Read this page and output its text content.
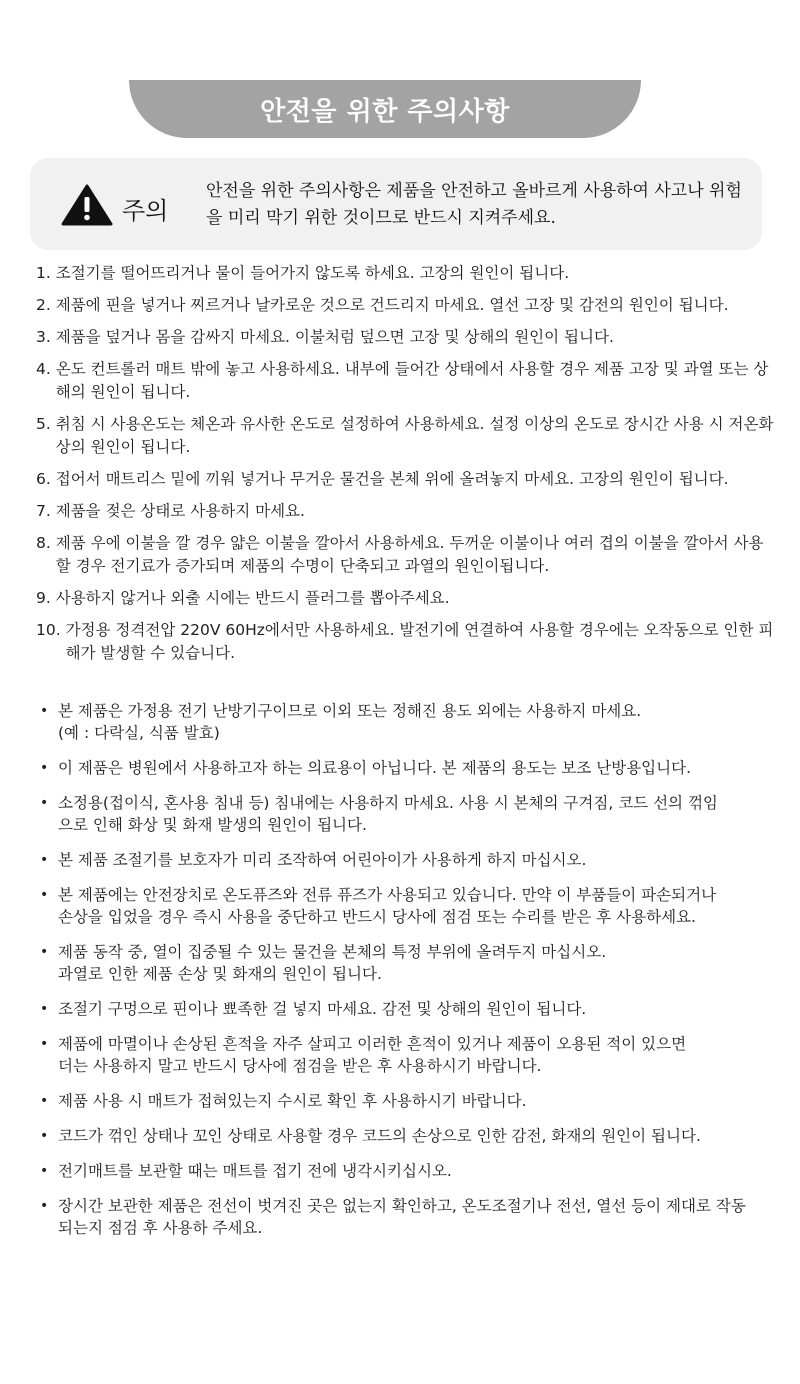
안전을 위한 주의사항
주의

안전을 위한 주의사항은 제품을 안전하고 올바르게 사용하여 사고나 위험을 미리 막기 위한 것이므로 반드시 지켜주세요.

1. 조절기를 떨어뜨리거나 물이 들어가지 않도록 하세요. 고장의 원인이 됩니다.
2. 제품에 핀을 넣거나 찌르거나 날카로운 것으로 건드리지 마세요. 열선 고장 및 감전의 원인이 됩니다.
3. 제품을 덮거나 몸을 감싸지 마세요. 이불처럼 덮으면 고장 및 상해의 원인이 됩니다.
4. 온도 컨트롤러 매트 밖에 놓고 사용하세요. 내부에 들어간 상태에서 사용할 경우 제품 고장 및 과열 또는 상해의 원인이 됩니다.
5. 취침 시 사용온도는 체온과 유사한 온도로 설정하여 사용하세요. 설정 이상의 온도로 장시간 사용 시 저온화상의 원인이 됩니다.
6. 접어서 매트리스 밑에 끼워 넣거나 무거운 물건을 본체 위에 올려놓지 마세요. 고장의 원인이 됩니다.
7. 제품을 젖은 상태로 사용하지 마세요.
8. 제품 우에 이불을 깔 경우 얇은 이불을 깔아서 사용하세요. 두꺼운 이불이나 여러 겹의 이불을 깔아서 사용할 경우 전기료가 증가되며 제품의 수명이 단축되고 과열의 원인이됩니다.
9. 사용하지 않거나 외출 시에는 반드시 플러그를 뽑아주세요.
10. 가정용 정격전압 220V 60Hz에서만 사용하세요. 발전기에 연결하여 사용할 경우에는 오작동으로 인한 피해가 발생할 수 있습니다.
• 본 제품은 가정용 전기 난방기구이므로 이외 또는 정해진 용도 외에는 사용하지 마세요.
(예 : 다락실, 식품 발효)
• 이 제품은 병원에서 사용하고자 하는 의료용이 아닙니다. 본 제품의 용도는 보조 난방용입니다.
• 소정용(접이식, 혼사용 침내 등) 침내에는 사용하지 마세요. 사용 시 본체의 구겨짐, 코드 선의 꺾임
으로 인해 화상 및 화재 발생의 원인이 됩니다.
• 본 제품 조절기를 보호자가 미리 조작하여 어린아이가 사용하게 하지 마십시오.
• 본 제품에는 안전장치로 온도퓨즈와 전류 퓨즈가 사용되고 있습니다. 만약 이 부품들이 파손되거나
손상을 입었을 경우 즉시 사용을 중단하고 반드시 당사에 점검 또는 수리를 받은 후 사용하세요.
• 제품 동작 중, 열이 집중될 수 있는 물건을 본체의 특정 부위에 올려두지 마십시오.
과열로 인한 제품 손상 및 화재의 원인이 됩니다.
• 조절기 구멍으로 핀이나 뾰족한 걸 넣지 마세요. 감전 및 상해의 원인이 됩니다.
• 제품에 마멸이나 손상된 흔적을 자주 살피고 이러한 흔적이 있거나 제품이 오용된 적이 있으면
더는 사용하지 말고 반드시 당사에 점검을 받은 후 사용하시기 바랍니다.
• 제품 사용 시 매트가 접혀있는지 수시로 확인 후 사용하시기 바랍니다.
• 코드가 꺾인 상태나 꼬인 상태로 사용할 경우 코드의 손상으로 인한 감전, 화재의 원인이 됩니다.
• 전기매트를 보관할 때는 매트를 접기 전에 냉각시키십시오.
• 장시간 보관한 제품은 전선이 벗겨진 곳은 없는지 확인하고, 온도조절기나 전선, 열선 등이 제대로 작동
되는지 점검 후 사용하 주세요.
